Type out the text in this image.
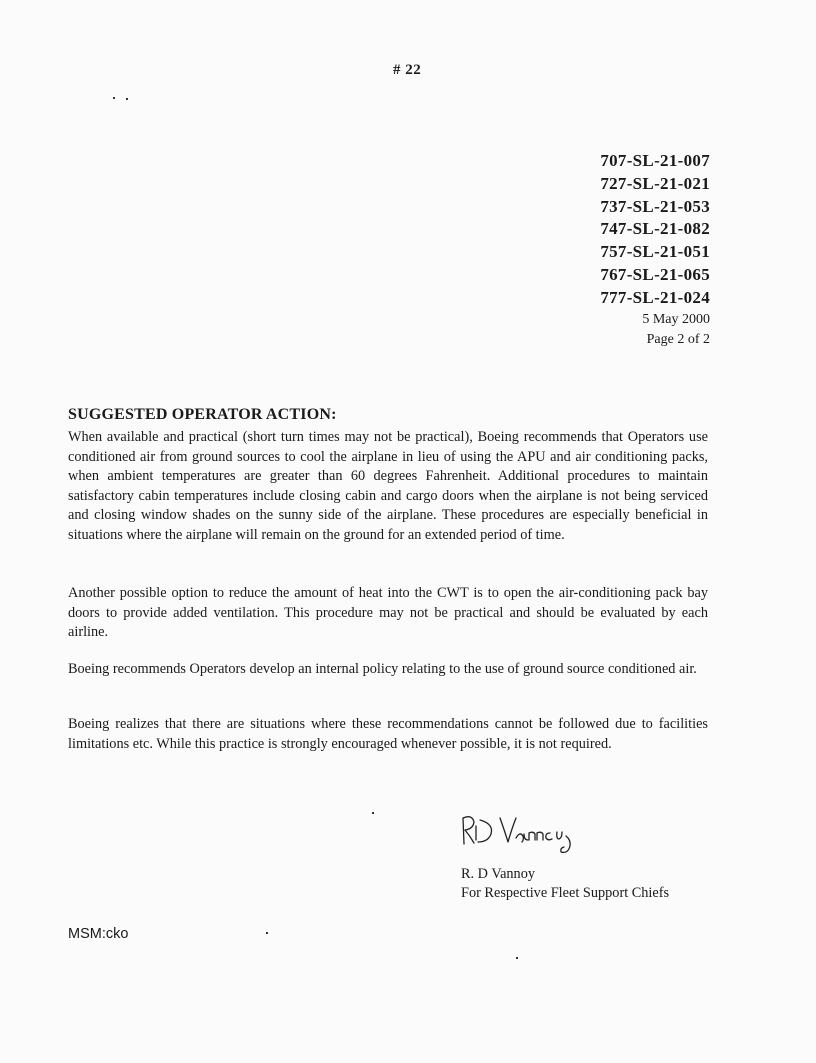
# 22
707-SL-21-007
727-SL-21-021
737-SL-21-053
747-SL-21-082
757-SL-21-051
767-SL-21-065
777-SL-21-024
5 May 2000
Page 2 of 2
SUGGESTED OPERATOR ACTION:

When available and practical (short turn times may not be practical), Boeing recommends that Operators use conditioned air from ground sources to cool the airplane in lieu of using the APU and air conditioning packs, when ambient temperatures are greater than 60 degrees Fahrenheit. Additional procedures to maintain satisfactory cabin temperatures include closing cabin and cargo doors when the airplane is not being serviced and closing window shades on the sunny side of the airplane. These procedures are especially beneficial in situations where the airplane will remain on the ground for an extended period of time.

Another possible option to reduce the amount of heat into the CWT is to open the air-conditioning pack bay doors to provide added ventilation. This procedure may not be practical and should be evaluated by each airline.

Boeing recommends Operators develop an internal policy relating to the use of ground source conditioned air.

Boeing realizes that there are situations where these recommendations cannot be followed due to facilities limitations etc. While this practice is strongly encouraged whenever possible, it is not required.

R. D Vannoy
For Respective Fleet Support Chiefs
MSM:cko
